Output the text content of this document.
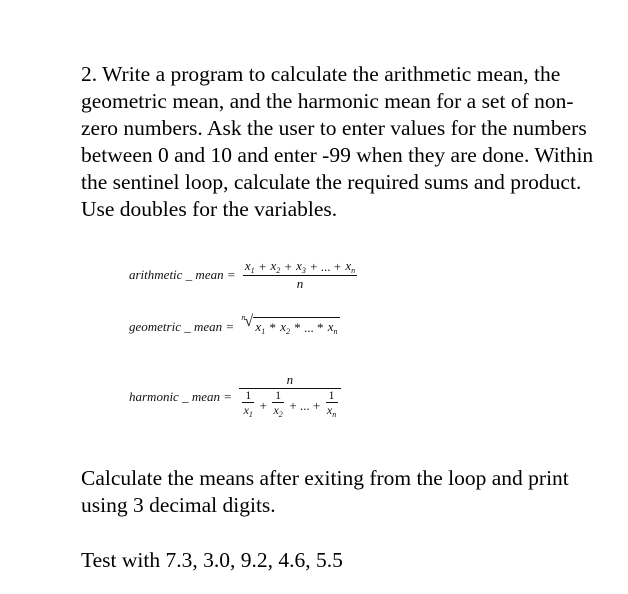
2. Write a program to calculate the arithmetic mean, the
geometric mean, and the harmonic mean for a set of non-
zero numbers. Ask the user to enter values for the numbers
between 0 and 10 and enter -99 when they are done. Within
the sentinel loop, calculate the required sums and product.
Use doubles for the variables.
arithmetic _ mean = $\frac{x_1 + x_2 + x_3 + ... + x_n}{n}$
geometric _ mean =
n √ $x_1 * x_2$ * ... * $x_n$
harmonic _ mean =
n
$\frac{1}{x_1} + \frac{1}{x_2}$ + ... + $\frac{1}{x_n}$
Calculate the means after exiting from the loop and print
using 3 decimal digits.
Test with 7.3, 3.0, 9.2, 4.6, 5.5
